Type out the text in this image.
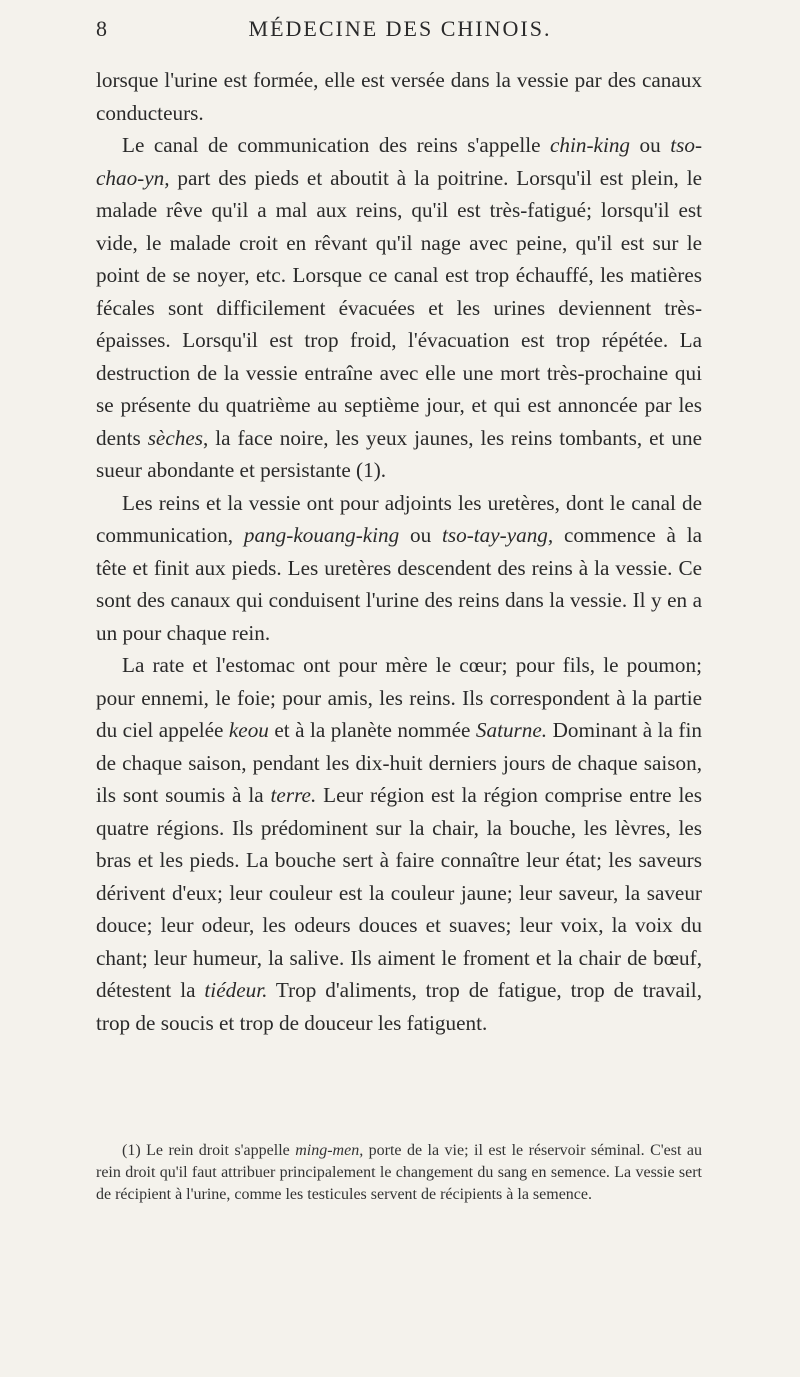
8	MÉDECINE DES CHINOIS.

lorsque l'urine est formée, elle est versée dans la vessie par des canaux conducteurs.

Le canal de communication des reins s'appelle chin-king ou tso-chao-yn, part des pieds et aboutit à la poitrine. Lorsqu'il est plein, le malade rêve qu'il a mal aux reins, qu'il est très-fatigué; lorsqu'il est vide, le malade croit en rêvant qu'il nage avec peine, qu'il est sur le point de se noyer, etc. Lorsque ce canal est trop échauffé, les matières fécales sont difficilement évacuées et les urines deviennent très-épaisses. Lorsqu'il est trop froid, l'évacuation est trop répétée. La destruction de la vessie entraîne avec elle une mort très-prochaine qui se présente du quatrième au septième jour, et qui est annoncée par les dents sèches, la face noire, les yeux jaunes, les reins tombants, et une sueur abondante et persistante (1).

Les reins et la vessie ont pour adjoints les uretères, dont le canal de communication, pang-kouang-king ou tso-tay-yang, commence à la tête et finit aux pieds. Les uretères descendent des reins à la vessie. Ce sont des canaux qui conduisent l'urine des reins dans la vessie. Il y en a un pour chaque rein.

La rate et l'estomac ont pour mère le cœur; pour fils, le poumon; pour ennemi, le foie; pour amis, les reins. Ils correspondent à la partie du ciel appelée keou et à la planète nommée Saturne. Dominant à la fin de chaque saison, pendant les dix-huit derniers jours de chaque saison, ils sont soumis à la terre. Leur région est la région comprise entre les quatre régions. Ils prédominent sur la chair, la bouche, les lèvres, les bras et les pieds. La bouche sert à faire connaître leur état; les saveurs dérivent d'eux; leur couleur est la couleur jaune; leur saveur, la saveur douce; leur odeur, les odeurs douces et suaves; leur voix, la voix du chant; leur humeur, la salive. Ils aiment le froment et la chair de bœuf, détestent la tiédeur. Trop d'aliments, trop de fatigue, trop de travail, trop de soucis et trop de douceur les fatiguent.

(1) Le rein droit s'appelle ming-men, porte de la vie; il est le réservoir séminal. C'est au rein droit qu'il faut attribuer principalement le changement du sang en semence. La vessie sert de récipient à l'urine, comme les testicules servent de récipients à la semence.
